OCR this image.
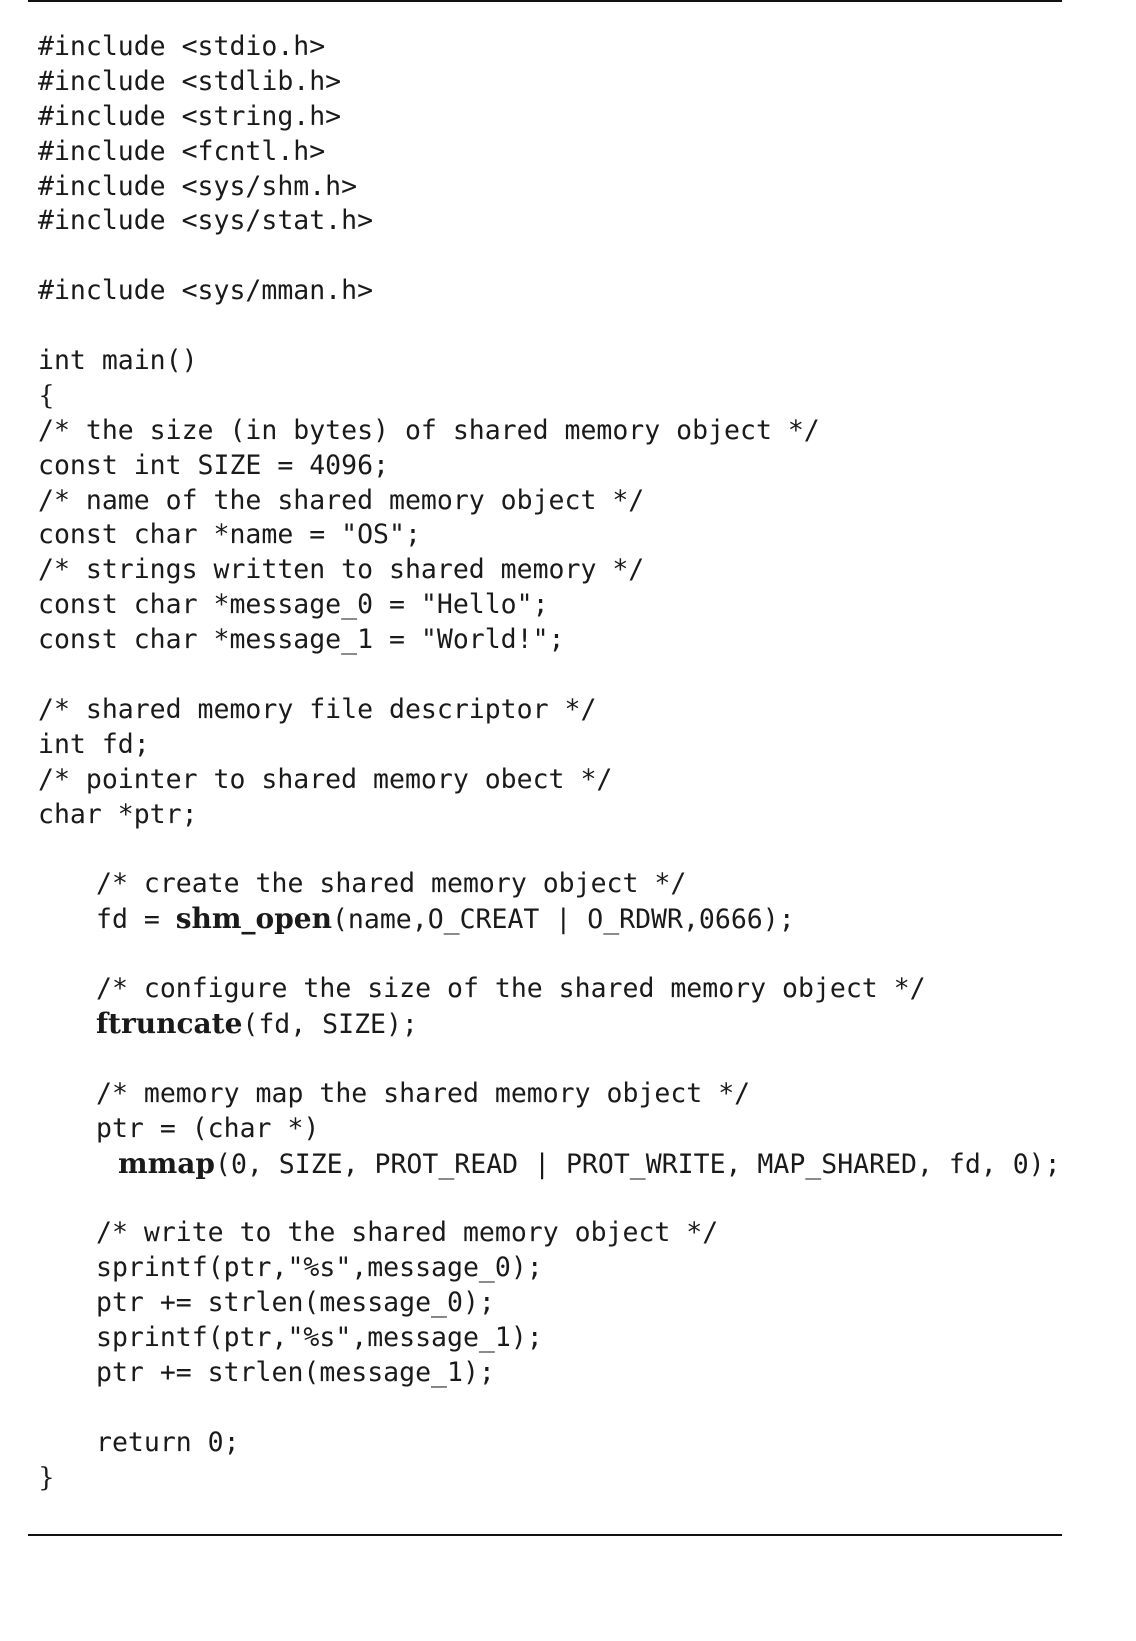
#include <stdio.h>
#include <stdlib.h>
#include <string.h>
#include <fcntl.h>
#include <sys/shm.h>
#include <sys/stat.h>
#include <sys/mman.h>
int main()
{
/* the size (in bytes) of shared memory object */
const int SIZE = 4096;
/* name of the shared memory object */
const char *name = "OS";
/* strings written to shared memory */
const char *message_0 = "Hello";
const char *message_1 = "World!";
/* shared memory file descriptor */
int fd;
/* pointer to shared memory obect */
char *ptr;
/* create the shared memory object */
fd = shm_open(name,O_CREAT | O_RDWR,0666);
/* configure the size of the shared memory object */
ftruncate(fd, SIZE);
/* memory map the shared memory object */
ptr = (char *)
mmap(0, SIZE, PROT_READ | PROT_WRITE, MAP_SHARED, fd, 0);
/* write to the shared memory object */
sprintf(ptr,"%s",message_0);
ptr += strlen(message_0);
sprintf(ptr,"%s",message_1);
ptr += strlen(message_1);
return 0;
}
